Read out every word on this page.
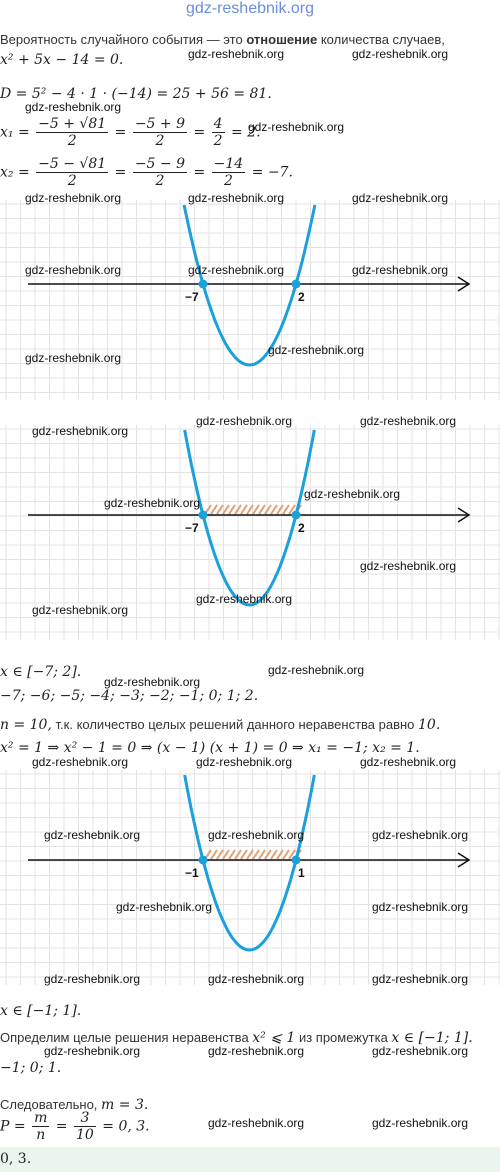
gdz-reshebnik.org
Вероятность случайного события — это отношение количества случаев,
x² + 5x − 14 = 0.
D = 5² − 4 · 1 · (−14) = 25 + 56 = 81.
$x_1 = \frac{-5 + √81}{2} = \frac{-5 + 9}{2} = \frac{4}{2} = 2$.
$x_2 = \frac{-5 - √81}{2} = \frac{-5 - 9}{2} = \frac{-14}{2} = -7$.
−7	2
−7	2
x ∈ [−7; 2].
−7; −6; −5; −4; −3; −2; −1; 0; 1; 2.
n = 10, т.к. количество целых решений данного неравенства равно 10.
x² = 1 ⇒ x² − 1 = 0 ⇒ (x − 1) (x + 1) = 0 ⇒ x₁ = −1; x₂ = 1.
−1	1
x ∈ [−1; 1].
Определим целые решения неравенства x² ⩽ 1 из промежутка x ∈ [−1; 1].
−1; 0; 1.
Следовательно, m = 3.
$P = \frac{m}{n} = \frac{3}{10} = 0$, 3.
0, 3.
gdz-reshebnik.org	gdz-reshebnik.org
gdz-reshebnik.org
gdz-reshebnik.org
gdz-reshebnik.org	gdz-reshebnik.org	gdz-reshebnik.org
gdz-reshebnik.org	gdz-reshebnik.org	gdz-reshebnik.org
gdz-reshebnik.org
gdz-reshebnik.org
gdz-reshebnik.org
gdz-reshebnik.org	gdz-reshebnik.org
gdz-reshebnik.org
gdz-reshebnik.org
gdz-reshebnik.org
gdz-reshebnik.org
gdz-reshebnik.org
gdz-reshebnik.org
gdz-reshebnik.org
gdz-reshebnik.org	gdz-reshebnik.org	gdz-reshebnik.org
gdz-reshebnik.org	gdz-reshebnik.org	gdz-reshebnik.org
gdz-reshebnik.org	gdz-reshebnik.org
gdz-reshebnik.org	gdz-reshebnik.org	gdz-reshebnik.org
gdz-reshebnik.org	gdz-reshebnik.org	gdz-reshebnik.org
gdz-reshebnik.org	gdz-reshebnik.org
